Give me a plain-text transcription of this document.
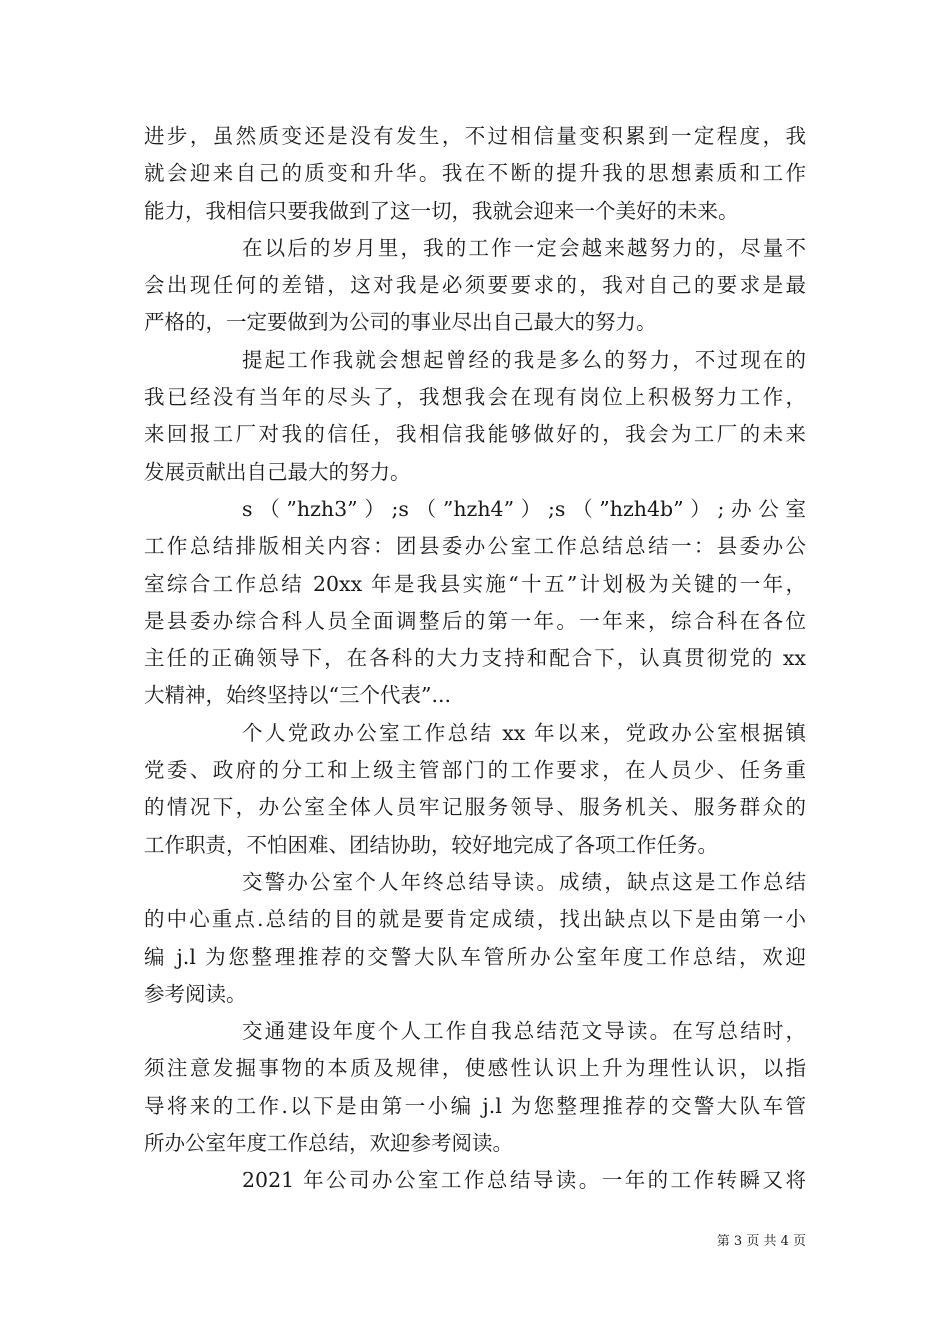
进步，虽然质变还是没有发生，不过相信量变积累到一定程度，我
就会迎来自己的质变和升华。我在不断的提升我的思想素质和工作
能力，我相信只要我做到了这一切，我就会迎来一个美好的未来。
在以后的岁月里，我的工作一定会越来越努力的，尽量不
会出现任何的差错，这对我是必须要要求的，我对自己的要求是最
严格的，一定要做到为公司的事业尽出自己最大的努力。
提起工作我就会想起曾经的我是多么的努力，不过现在的
我已经没有当年的尽头了，我想我会在现有岗位上积极努力工作，
来回报工厂对我的信任，我相信我能够做好的，我会为工厂的未来
发展贡献出自己最大的努力。
s（”hzh3”）;s（”hzh4”）;s（”hzh4b”）;办公室
工作总结排版相关内容：团县委办公室工作总结总结一：县委办公
室综合工作总结 20xx 年是我县实施“十五”计划极为关键的一年，
是县委办综合科人员全面调整后的第一年。一年来，综合科在各位
主任的正确领导下，在各科的大力支持和配合下，认真贯彻党的 xx
大精神，始终坚持以“三个代表”...
个人党政办公室工作总结 xx 年以来，党政办公室根据镇
党委、政府的分工和上级主管部门的工作要求，在人员少、任务重
的情况下，办公室全体人员牢记服务领导、服务机关、服务群众的
工作职责，不怕困难、团结协助，较好地完成了各项工作任务。
交警办公室个人年终总结导读。成绩，缺点这是工作总结
的中心重点.总结的目的就是要肯定成绩，找出缺点以下是由第一小
编 j.l 为您整理推荐的交警大队车管所办公室年度工作总结，欢迎
参考阅读。
交通建设年度个人工作自我总结范文导读。在写总结时，
须注意发掘事物的本质及规律，使感性认识上升为理性认识，以指
导将来的工作.以下是由第一小编 j.l 为您整理推荐的交警大队车管
所办公室年度工作总结，欢迎参考阅读。
2021 年公司办公室工作总结导读。一年的工作转瞬又将
第 3 页 共 4 页
